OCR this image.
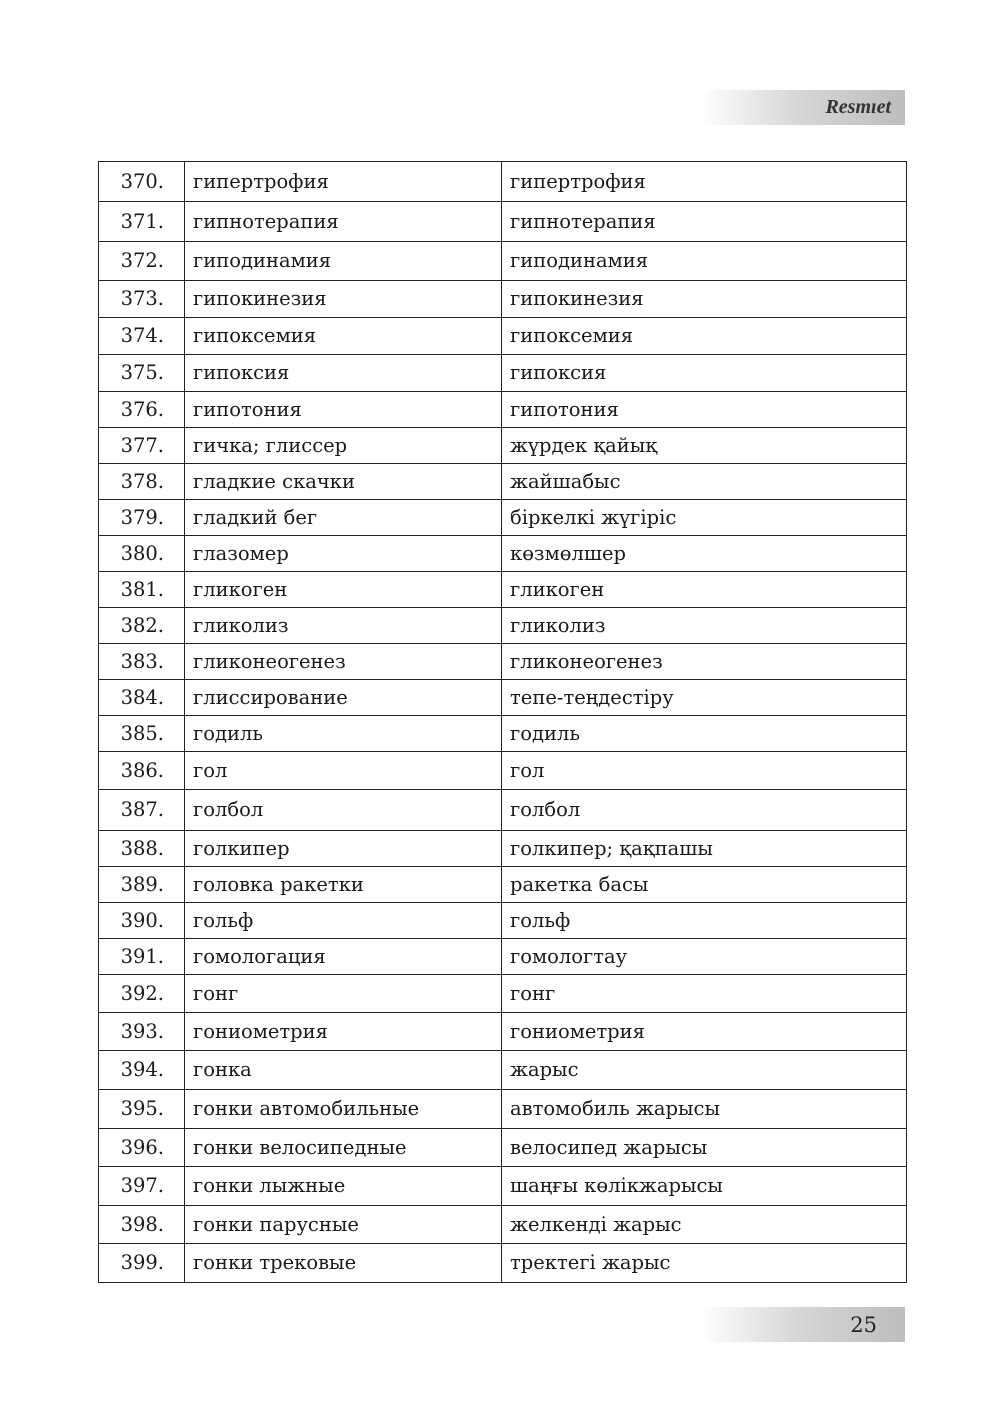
Resmıet
370.	гипертрофия	гипертрофия
371.	гипнотерапия	гипнотерапия
372.	гиподинамия	гиподинамия
373.	гипокинезия	гипокинезия
374.	гипоксемия	гипоксемия
375.	гипоксия	гипоксия
376.	гипотония	гипотония
377.	гичка; глиссер	жүрдек қайық
378.	гладкие скачки	жайшабыс
379.	гладкий бег	біркелкі жүгіріс
380.	глазомер	көзмөлшер
381.	гликоген	гликоген
382.	гликолиз	гликолиз
383.	гликонеогенез	гликонеогенез
384.	глиссирование	тепе-теңдестіру
385.	годиль	годиль
386.	гол	гол
387.	голбол	голбол
388.	голкипер	голкипер; қақпашы
389.	головка ракетки	ракетка басы
390.	гольф	гольф
391.	гомологация	гомологтау
392.	гонг	гонг
393.	гониометрия	гониометрия
394.	гонка	жарыс
395.	гонки автомобильные	автомобиль жарысы
396.	гонки велосипедные	велосипед жарысы
397.	гонки лыжные	шаңғы көлікжарысы
398.	гонки парусные	желкенді жарыс
399.	гонки трековые	тректегі жарыс
25
